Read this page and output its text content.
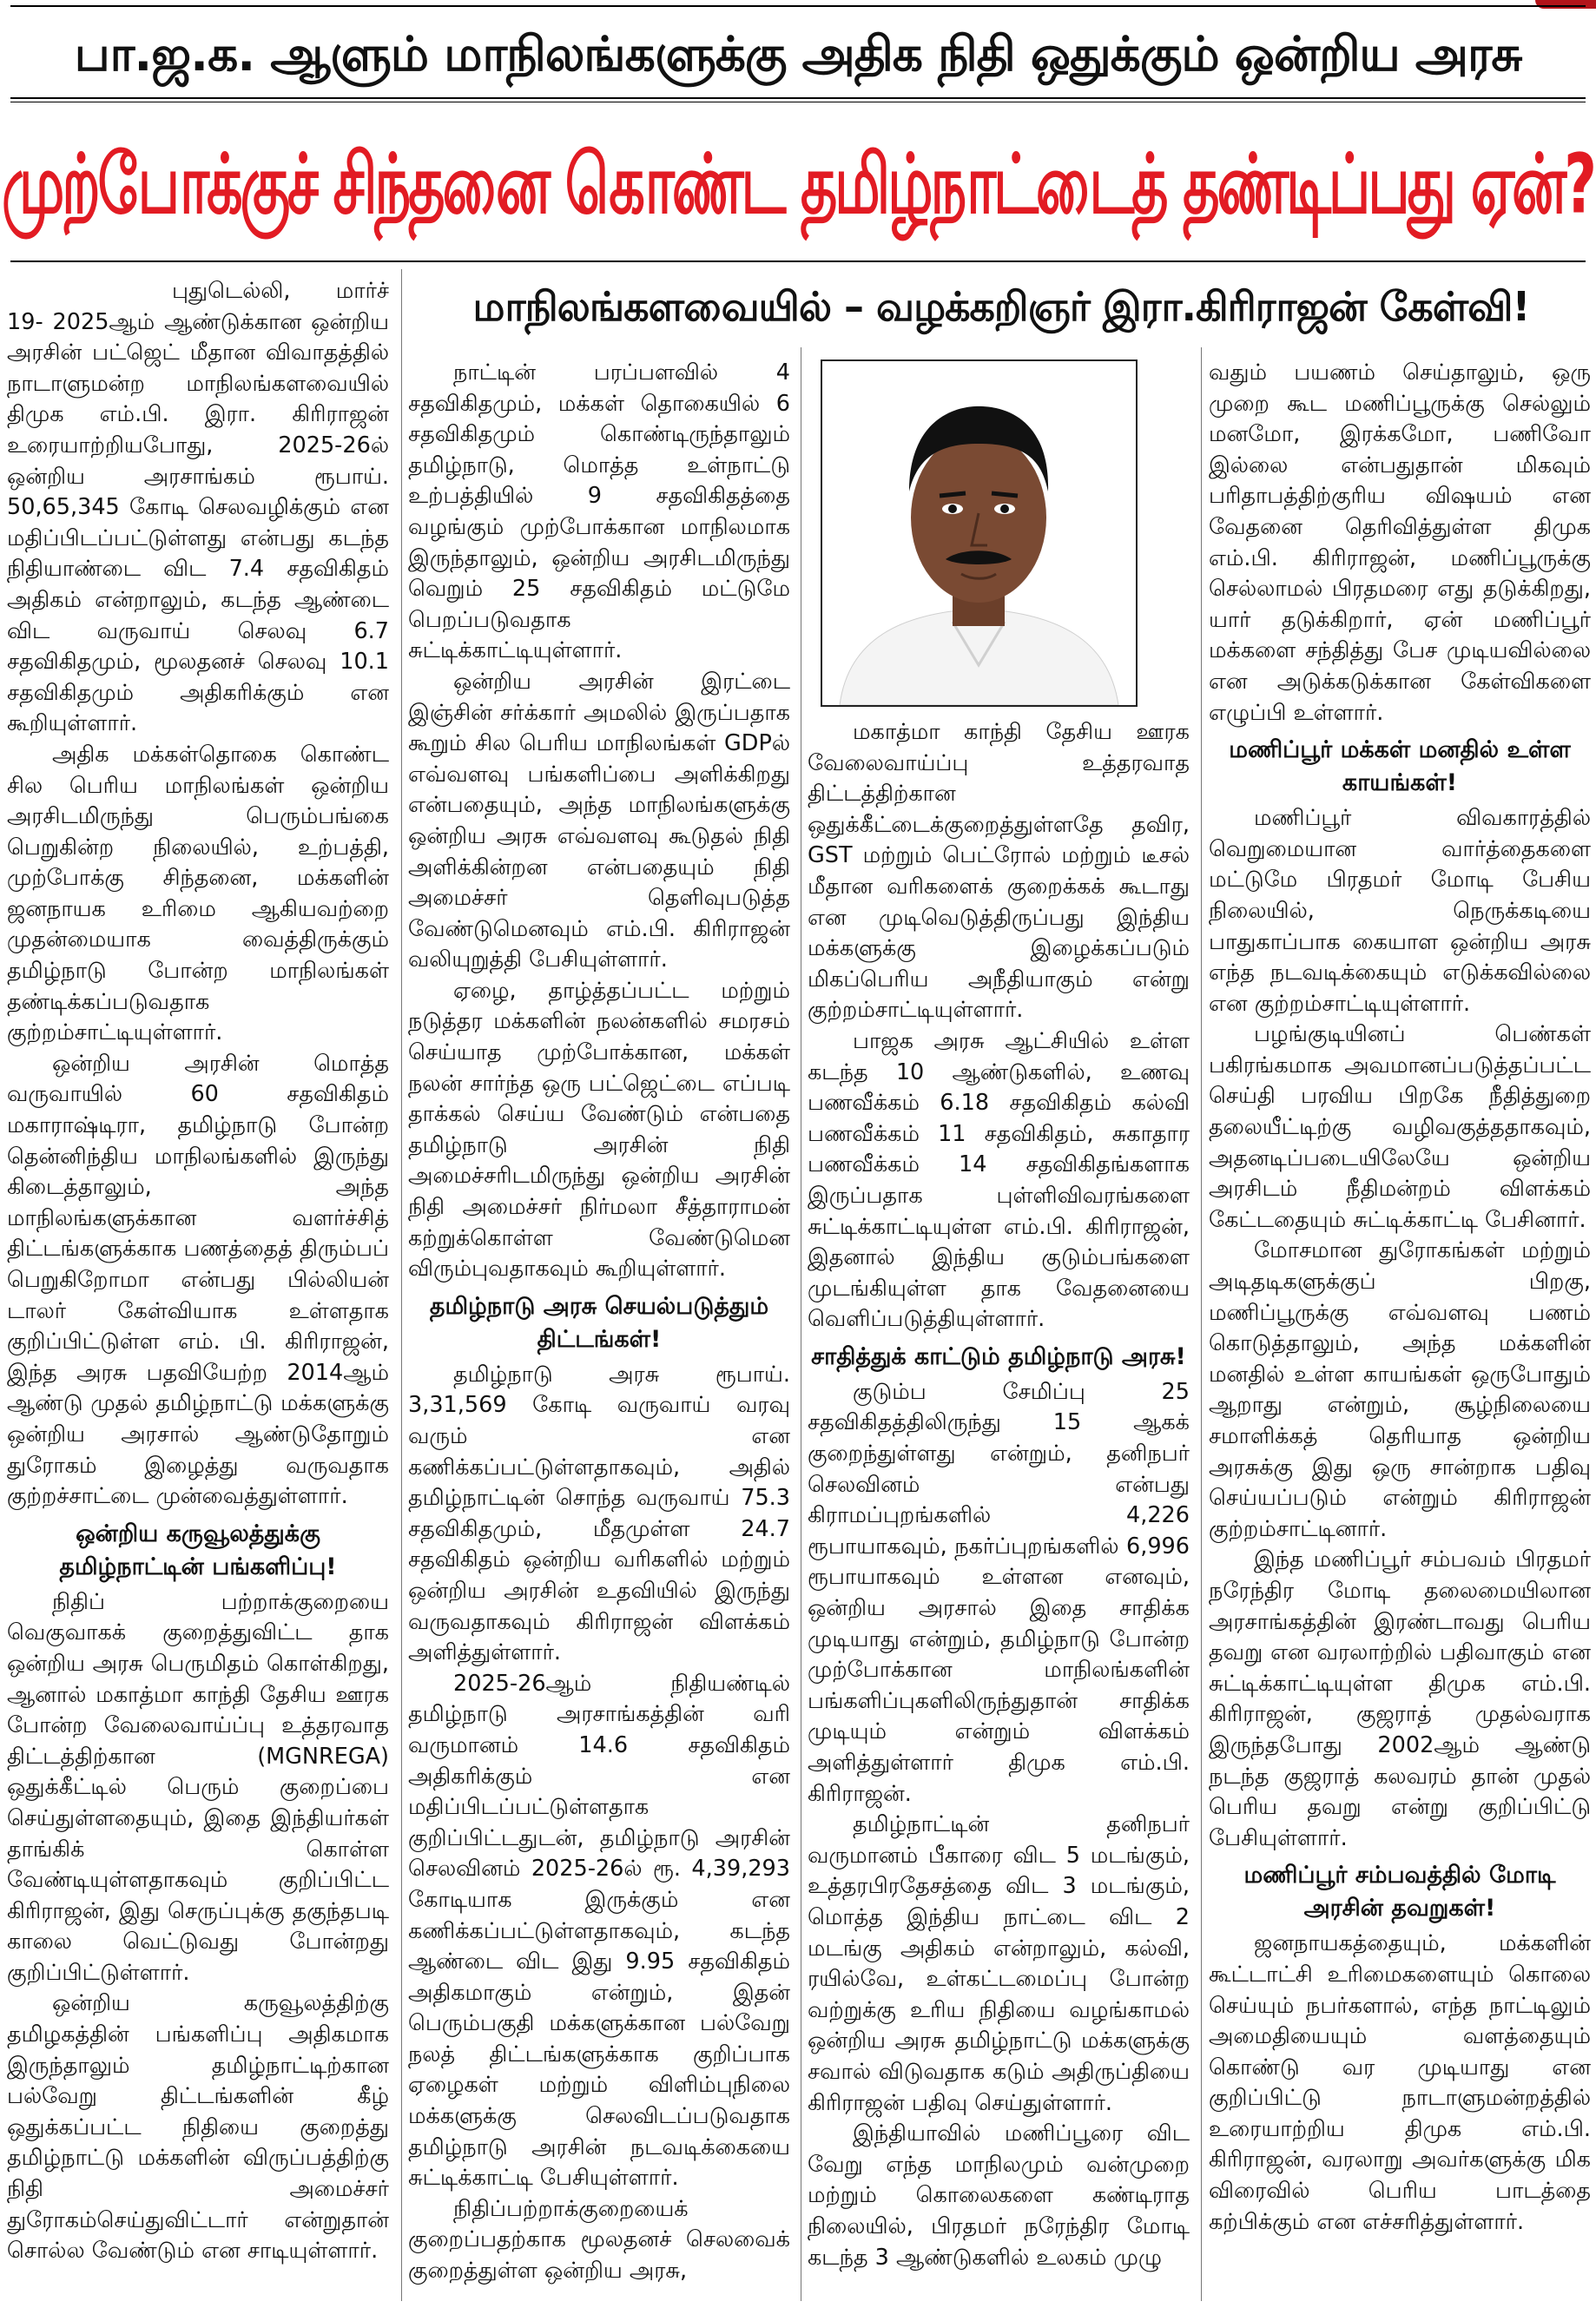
பா.ஜ.க. ஆளும் மாநிலங்களுக்கு அதிக நிதி ஒதுக்கும் ஒன்றிய அரசு
முற்போக்குச் சிந்தனை கொண்ட தமிழ்நாட்டைத் தண்டிப்பது ஏன்?
மாநிலங்களவையில் – வழக்கறிஞர் இரா.கிரிராஜன் கேள்வி!

புதுடெல்லி, மார்ச் 19- 2025ஆம் ஆண்டுக்கான ஒன்றிய அரசின் பட்ஜெட் மீதான விவாதத்தில் நாடாளுமன்ற மாநிலங்களவையில் திமுக எம்.பி. இரா. கிரிராஜன் உரையாற்றியபோது, 2025-26ல் ஒன்றிய அரசாங்கம் ரூபாய். 50,65,345 கோடி செலவழிக்கும் என மதிப்பிடப்பட்டுள்ளது என்பது கடந்த நிதியாண்டை விட 7.4 சதவிகிதம் அதிகம் என்றாலும், கடந்த ஆண்டை விட வருவாய் செலவு 6.7 சதவிகிதமும், மூலதனச் செலவு 10.1 சதவிகிதமும் அதிகரிக்கும் என கூறியுள்ளார்.

அதிக மக்கள்தொகை கொண்ட சில பெரிய மாநிலங்கள் ஒன்றிய அரசிடமிருந்து பெரும்பங்கை பெறுகின்ற நிலையில், உற்பத்தி, முற்போக்கு சிந்தனை, மக்களின் ஜனநாயக உரிமை ஆகியவற்றை முதன்மையாக வைத்திருக்கும் தமிழ்நாடு போன்ற மாநிலங்கள் தண்டிக்கப்படுவதாக குற்றம்சாட்டியுள்ளார்.

ஒன்றிய அரசின் மொத்த வருவாயில் 60 சதவிகிதம் மகாராஷ்டிரா, தமிழ்நாடு போன்ற தென்னிந்திய மாநிலங்களில் இருந்து கிடைத்தாலும், அந்த மாநிலங்களுக்கான வளர்ச்சித் திட்டங்களுக்காக பணத்தைத் திரும்பப் பெறுகிறோமா என்பது பில்லியன் டாலர் கேள்வியாக உள்ளதாக குறிப்பிட்டுள்ள எம். பி. கிரிராஜன், இந்த அரசு பதவியேற்ற 2014ஆம் ஆண்டு முதல் தமிழ்நாட்டு மக்களுக்கு ஒன்றிய அரசால் ஆண்டுதோறும் துரோகம் இழைத்து வருவதாக குற்றச்சாட்டை முன்வைத்துள்ளார்.

ஒன்றிய கருவூலத்துக்கு தமிழ்நாட்டின் பங்களிப்பு!

நிதிப் பற்றாக்குறையை வெகுவாகக் குறைத்துவிட்ட தாக ஒன்றிய அரசு பெருமிதம் கொள்கிறது, ஆனால் மகாத்மா காந்தி தேசிய ஊரக போன்ற வேலைவாய்ப்பு உத்தரவாத திட்டத்திற்கான (MGNREGA) ஒதுக்கீட்டில் பெரும் குறைப்பை செய்துள்ளதையும், இதை இந்தியர்கள் தாங்கிக் கொள்ள வேண்டியுள்ளதாகவும் குறிப்பிட்ட கிரிராஜன், இது செருப்புக்கு தகுந்தபடி காலை வெட்டுவது போன்றது குறிப்பிட்டுள்ளார்.

ஒன்றிய கருவூலத்திற்கு தமிழகத்தின் பங்களிப்பு அதிகமாக இருந்தாலும் தமிழ்நாட்டிற்கான பல்வேறு திட்டங்களின் கீழ் ஒதுக்கப்பட்ட நிதியை குறைத்து தமிழ்நாட்டு மக்களின் விருப்பத்திற்கு நிதி அமைச்சர் துரோகம்செய்துவிட்டார் என்றுதான் சொல்ல வேண்டும் என சாடியுள்ளார்.

நாட்டின் பரப்பளவில் 4 சதவிகிதமும், மக்கள் தொகையில் 6 சதவிகிதமும் கொண்டிருந்தாலும் தமிழ்நாடு, மொத்த உள்நாட்டு உற்பத்தியில் 9 சதவிகிதத்தை வழங்கும் முற்போக்கான மாநிலமாக இருந்தாலும், ஒன்றிய அரசிடமிருந்து வெறும் 25 சதவிகிதம் மட்டுமே பெறப்படுவதாக சுட்டிக்காட்டியுள்ளார்.

ஒன்றிய அரசின் இரட்டை இஞ்சின் சர்க்கார் அமலில் இருப்பதாக கூறும் சில பெரிய மாநிலங்கள் GDPல் எவ்வளவு பங்களிப்பை அளிக்கிறது என்பதையும், அந்த மாநிலங்களுக்கு ஒன்றிய அரசு எவ்வளவு கூடுதல் நிதி அளிக்கின்றன என்பதையும் நிதி அமைச்சர் தெளிவுபடுத்த வேண்டுமெனவும் எம்.பி. கிரிராஜன் வலியுறுத்தி பேசியுள்ளார்.

ஏழை, தாழ்த்தப்பட்ட மற்றும் நடுத்தர மக்களின் நலன்களில் சமரசம் செய்யாத முற்போக்கான, மக்கள் நலன் சார்ந்த ஒரு பட்ஜெட்டை எப்படி தாக்கல் செய்ய வேண்டும் என்பதை தமிழ்நாடு அரசின் நிதி அமைச்சரிடமிருந்து ஒன்றிய அரசின் நிதி அமைச்சர் நிர்மலா சீத்தாராமன் கற்றுக்கொள்ள வேண்டுமென விரும்புவதாகவும் கூறியுள்ளார்.

தமிழ்நாடு அரசு செயல்படுத்தும் திட்டங்கள்!

தமிழ்நாடு அரசு ரூபாய். 3,31,569 கோடி வருவாய் வரவு வரும் என கணிக்கப்பட்டுள்ளதாகவும், அதில் தமிழ்நாட்டின் சொந்த வருவாய் 75.3 சதவிகிதமும், மீதமுள்ள 24.7 சதவிகிதம் ஒன்றிய வரிகளில் மற்றும் ஒன்றிய அரசின் உதவியில் இருந்து வருவதாகவும் கிரிராஜன் விளக்கம் அளித்துள்ளார்.

2025-26ஆம் நிதியண்டில் தமிழ்நாடு அரசாங்கத்தின் வரி வருமானம் 14.6 சதவிகிதம் அதிகரிக்கும் என மதிப்பிடப்பட்டுள்ளதாக குறிப்பிட்டதுடன், தமிழ்நாடு அரசின் செலவினம் 2025-26ல் ரூ. 4,39,293 கோடியாக இருக்கும் என கணிக்கப்பட்டுள்ளதாகவும், கடந்த ஆண்டை விட இது 9.95 சதவிகிதம் அதிகமாகும் என்றும், இதன் பெரும்பகுதி மக்களுக்கான பல்வேறு நலத் திட்டங்களுக்காக குறிப்பாக ஏழைகள் மற்றும் விளிம்புநிலை மக்களுக்கு செலவிடப்படுவதாக தமிழ்நாடு அரசின் நடவடிக்கையை சுட்டிக்காட்டி பேசியுள்ளார்.

நிதிப்பற்றாக்குறையைக் குறைப்பதற்காக மூலதனச் செலவைக் குறைத்துள்ள ஒன்றிய அரசு,

மகாத்மா காந்தி தேசிய ஊரக வேலைவாய்ப்பு உத்தரவாத திட்டத்திற்கான ஒதுக்கீட்டைக்குறைத்துள்ளதே தவிர, GST மற்றும் பெட்ரோல் மற்றும் டீசல் மீதான வரிகளைக் குறைக்கக் கூடாது என முடிவெடுத்திருப்பது இந்திய மக்களுக்கு இழைக்கப்படும் மிகப்பெரிய அநீதியாகும் என்று குற்றம்சாட்டியுள்ளார்.

பாஜக அரசு ஆட்சியில் உள்ள கடந்த 10 ஆண்டுகளில், உணவு பணவீக்கம் 6.18 சதவிகிதம் கல்வி பணவீக்கம் 11 சதவிகிதம், சுகாதார பணவீக்கம் 14 சதவிகிதங்களாக இருப்பதாக புள்ளிவிவரங்களை சுட்டிக்காட்டியுள்ள எம்.பி. கிரிராஜன், இதனால் இந்திய குடும்பங்களை முடங்கியுள்ள தாக வேதனையை வெளிப்படுத்தியுள்ளார்.

சாதித்துக் காட்டும் தமிழ்நாடு அரசு!

குடும்ப சேமிப்பு 25 சதவிகிதத்திலிருந்து 15 ஆகக் குறைந்துள்ளது என்றும், தனிநபர் செலவினம் என்பது கிராமப்புறங்களில் 4,226 ரூபாயாகவும், நகர்ப்புறங்களில் 6,996 ரூபாயாகவும் உள்ளன எனவும், ஒன்றிய அரசால் இதை சாதிக்க முடியாது என்றும், தமிழ்நாடு போன்ற முற்போக்கான மாநிலங்களின் பங்களிப்புகளிலிருந்துதான் சாதிக்க முடியும் என்றும் விளக்கம் அளித்துள்ளார் திமுக எம்.பி. கிரிராஜன்.

தமிழ்நாட்டின் தனிநபர் வருமானம் பீகாரை விட 5 மடங்கும், உத்தரபிரதேசத்தை விட 3 மடங்கும், மொத்த இந்திய நாட்டை விட 2 மடங்கு அதிகம் என்றாலும், கல்வி, ரயில்வே, உள்கட்டமைப்பு போன்ற வற்றுக்கு உரிய நிதியை வழங்காமல் ஒன்றிய அரசு தமிழ்நாட்டு மக்களுக்கு சவால் விடுவதாக கடும் அதிருப்தியை கிரிராஜன் பதிவு செய்துள்ளார்.

இந்தியாவில் மணிப்பூரை விட வேறு எந்த மாநிலமும் வன்முறை மற்றும் கொலைகளை கண்டிராத நிலையில், பிரதமர் நரேந்திர மோடி கடந்த 3 ஆண்டுகளில் உலகம் முழு

வதும் பயணம் செய்தாலும், ஒரு முறை கூட மணிப்பூருக்கு செல்லும் மனமோ, இரக்கமோ, பணிவோ இல்லை என்பதுதான் மிகவும் பரிதாபத்திற்குரிய விஷயம் என வேதனை தெரிவித்துள்ள திமுக எம்.பி. கிரிராஜன், மணிப்பூருக்கு செல்லாமல் பிரதமரை எது தடுக்கிறது, யார் தடுக்கிறார், ஏன் மணிப்பூர் மக்களை சந்தித்து பேச முடியவில்லை என அடுக்கடுக்கான கேள்விகளை எழுப்பி உள்ளார்.

மணிப்பூர் மக்கள் மனதில் உள்ள காயங்கள்!

மணிப்பூர் விவகாரத்தில் வெறுமையான வார்த்தைகளை மட்டுமே பிரதமர் மோடி பேசிய நிலையில், நெருக்கடியை பாதுகாப்பாக கையாள ஒன்றிய அரசு எந்த நடவடிக்கையும் எடுக்கவில்லை என குற்றம்சாட்டியுள்ளார்.

பழங்குடியினப் பெண்கள் பகிரங்கமாக அவமானப்படுத்தப்பட்ட செய்தி பரவிய பிறகே நீதித்துறை தலையீட்டிற்கு வழிவகுத்ததாகவும், அதனடிப்படையிலேயே ஒன்றிய அரசிடம் நீதிமன்றம் விளக்கம் கேட்டதையும் சுட்டிக்காட்டி பேசினார்.

மோசமான துரோகங்கள் மற்றும் அடிதடிகளுக்குப் பிறகு, மணிப்பூருக்கு எவ்வளவு பணம் கொடுத்தாலும், அந்த மக்களின் மனதில் உள்ள காயங்கள் ஒருபோதும் ஆறாது என்றும், சூழ்நிலையை சமாளிக்கத் தெரியாத ஒன்றிய அரசுக்கு இது ஒரு சான்றாக பதிவு செய்யப்படும் என்றும் கிரிராஜன் குற்றம்சாட்டினார்.

இந்த மணிப்பூர் சம்பவம் பிரதமர் நரேந்திர மோடி தலைமையிலான அரசாங்கத்தின் இரண்டாவது பெரிய தவறு என வரலாற்றில் பதிவாகும் என சுட்டிக்காட்டியுள்ள திமுக எம்.பி. கிரிராஜன், குஜராத் முதல்வராக இருந்தபோது 2002ஆம் ஆண்டு நடந்த குஜராத் கலவரம் தான் முதல் பெரிய தவறு என்று குறிப்பிட்டு பேசியுள்ளார்.

மணிப்பூர் சம்பவத்தில் மோடி அரசின் தவறுகள்!

ஜனநாயகத்தையும், மக்களின் கூட்டாட்சி உரிமைகளையும் கொலை செய்யும் நபர்களால், எந்த நாட்டிலும் அமைதியையும் வளத்தையும் கொண்டு வர முடியாது என குறிப்பிட்டு நாடாளுமன்றத்தில் உரையாற்றிய திமுக எம்.பி. கிரிராஜன், வரலாறு அவர்களுக்கு மிக விரைவில் பெரிய பாடத்தை கற்பிக்கும் என எச்சரித்துள்ளார்.
